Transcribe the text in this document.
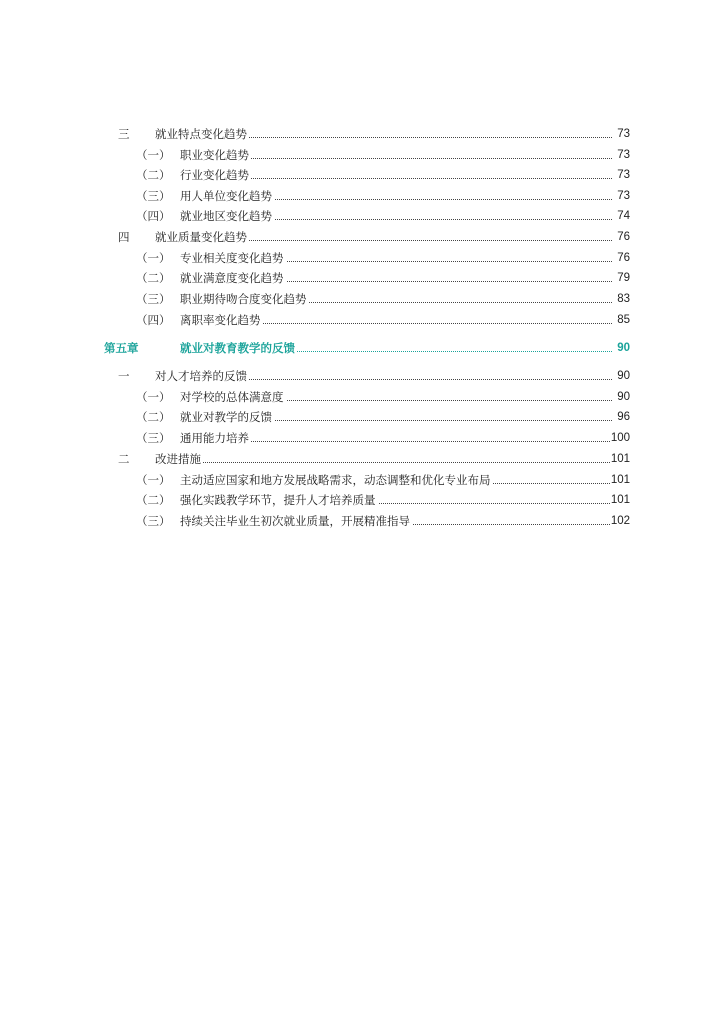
三 就业特点变化趋势	73
（一） 职业变化趋势	73
（二） 行业变化趋势	73
（三） 用人单位变化趋势	73
（四） 就业地区变化趋势	74
四 就业质量变化趋势	76
（一） 专业相关度变化趋势	76
（二） 就业满意度变化趋势	79
（三） 职业期待吻合度变化趋势	83
（四） 离职率变化趋势	85
第五章	就业对教育教学的反馈	90
一 对人才培养的反馈	90
（一） 对学校的总体满意度	90
（二） 就业对教学的反馈	96
（三） 通用能力培养	100
二 改进措施	101
（一） 主动适应国家和地方发展战略需求，动态调整和优化专业布局	101
（二） 强化实践教学环节，提升人才培养质量	101
（三） 持续关注毕业生初次就业质量，开展精准指导	102
